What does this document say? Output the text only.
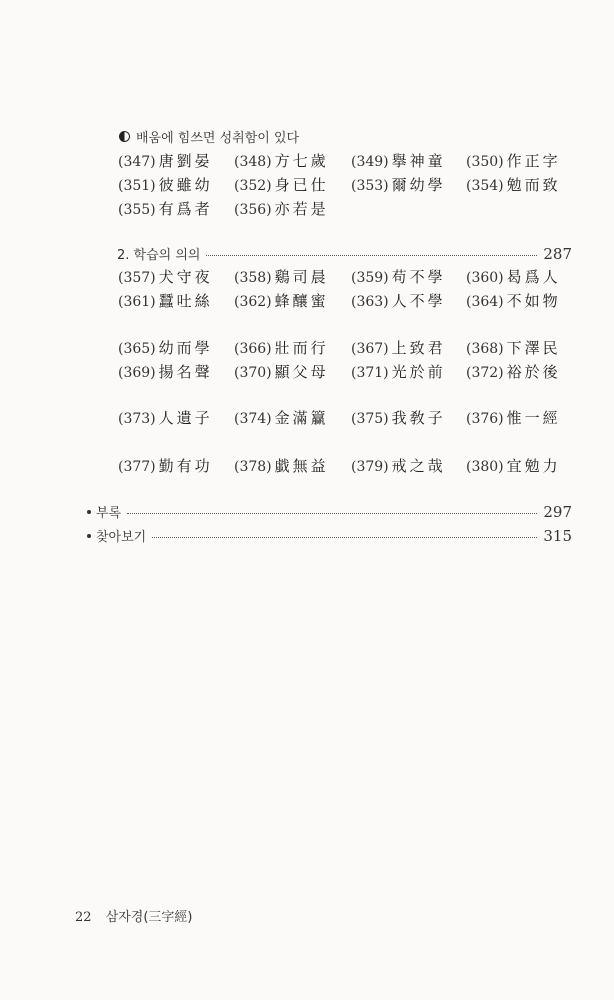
배움에 힘쓰면 성취함이 있다
(347) 唐劉晏 (348) 方七歲 (349) 擧神童 (350) 作正字
(351) 彼雖幼 (352) 身已仕 (353) 爾幼學 (354) 勉而致
(355) 有爲者 (356) 亦若是
2. 학습의 의의	287
(357) 犬守夜 (358) 鷄司晨 (359) 苟不學 (360) 曷爲人
(361) 蠶吐絲 (362) 蜂釀蜜 (363) 人不學 (364) 不如物
(365) 幼而學 (366) 壯而行 (367) 上致君 (368) 下澤民
(369) 揚名聲 (370) 顯父母 (371) 光於前 (372) 裕於後
(373) 人遺子 (374) 金滿籯 (375) 我敎子 (376) 惟一經
(377) 勤有功 (378) 戱無益 (379) 戒之哉 (380) 宜勉力
부록	297
찾아보기	315
22 삼자경(三字經)
